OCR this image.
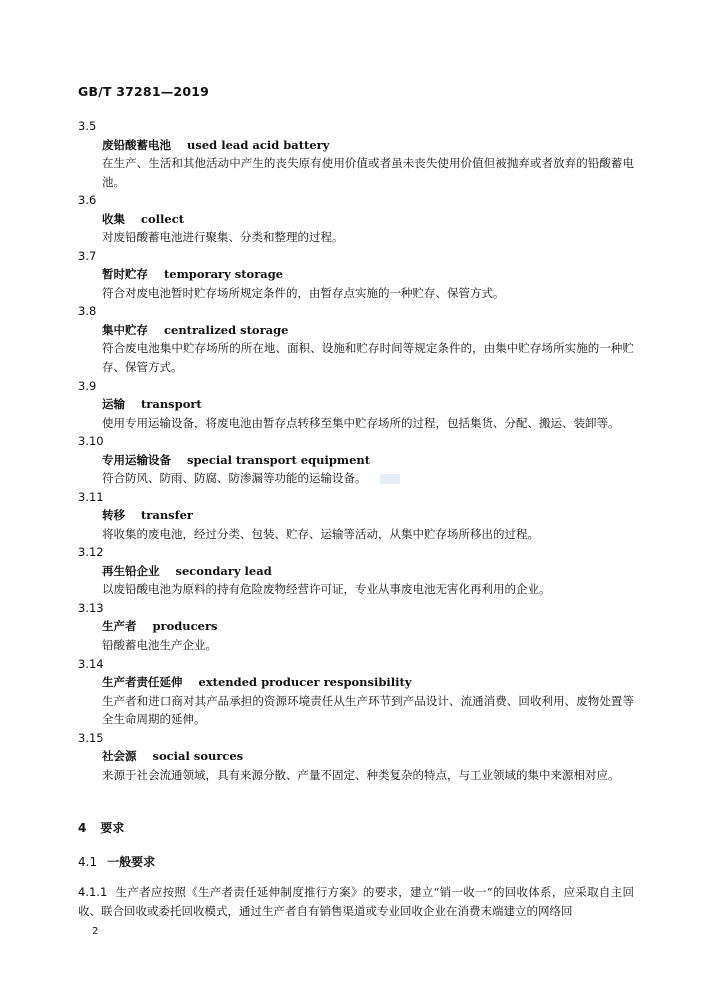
GB/T 37281—2019
3.5
废铅酸蓄电池 used lead acid battery
在生产、生活和其他活动中产生的丧失原有使用价值或者虽未丧失使用价值但被抛弃或者放弃的铅酸蓄电池。
3.6
收集 collect
对废铅酸蓄电池进行聚集、分类和整理的过程。
3.7
暂时贮存 temporary storage
符合对废电池暂时贮存场所规定条件的，由暂存点实施的一种贮存、保管方式。
3.8
集中贮存 centralized storage
符合废电池集中贮存场所的所在地、面积、设施和贮存时间等规定条件的，由集中贮存场所实施的一种贮存、保管方式。
3.9
运输 transport
使用专用运输设备，将废电池由暂存点转移至集中贮存场所的过程，包括集货、分配、搬运、装卸等。
3.10
专用运输设备 special transport equipment
符合防风、防雨、防腐、防渗漏等功能的运输设备。
3.11
转移 transfer
将收集的废电池，经过分类、包装、贮存、运输等活动，从集中贮存场所移出的过程。
3.12
再生铅企业 secondary lead
以废铅酸电池为原料的持有危险废物经营许可证，专业从事废电池无害化再利用的企业。
3.13
生产者 producers
铅酸蓄电池生产企业。
3.14
生产者责任延伸 extended producer responsibility
生产者和进口商对其产品承担的资源环境责任从生产环节到产品设计、流通消费、回收利用、废物处置等全生命周期的延伸。
3.15
社会源 social sources
来源于社会流通领域，具有来源分散、产量不固定、种类复杂的特点，与工业领域的集中来源相对应。
4 要求
4.1 一般要求
4.1.1 生产者应按照《生产者责任延伸制度推行方案》的要求，建立“销一收一”的回收体系，应采取自主回收、联合回收或委托回收模式，通过生产者自有销售渠道或专业回收企业在消费末端建立的网络回
2
